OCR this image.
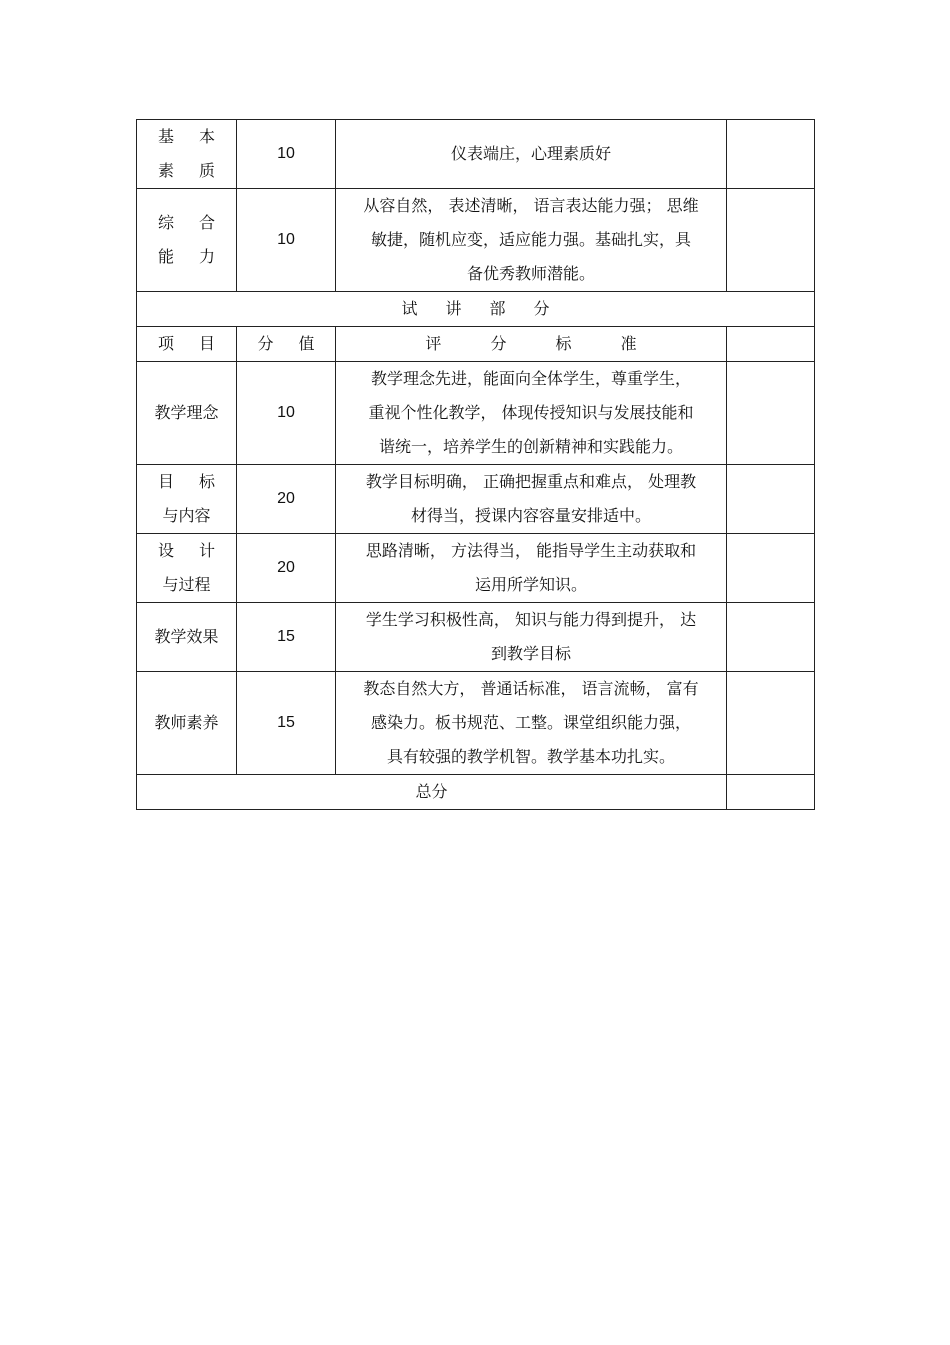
基 本
素 质	10	仪表端庄，心理素质好	

综 合
能 力	10	从容自然， 表述清晰， 语言表达能力强； 思维
敏捷，随机应变，适应能力强。基础扎实，具
备优秀教师潜能。	

试讲部分			
项 目	分 值	评 分 标 准	

教学理念	10	教学理念先进，能面向全体学生，尊重学生，
重视个性化教学， 体现传授知识与发展技能和
谐统一，培养学生的创新精神和实践能力。	

目 标
与内容	20	教学目标明确， 正确把握重点和难点， 处理教
材得当，授课内容容量安排适中。	

设 计
与过程	20	思路清晰， 方法得当， 能指导学生主动获取和
运用所学知识。	

教学效果	15	学生学习积极性高， 知识与能力得到提升， 达
到教学目标	

教师素养	15	教态自然大方， 普通话标准， 语言流畅， 富有
感染力。板书规范、工整。课堂组织能力强，
具有较强的教学机智。教学基本功扎实。	

总分			
